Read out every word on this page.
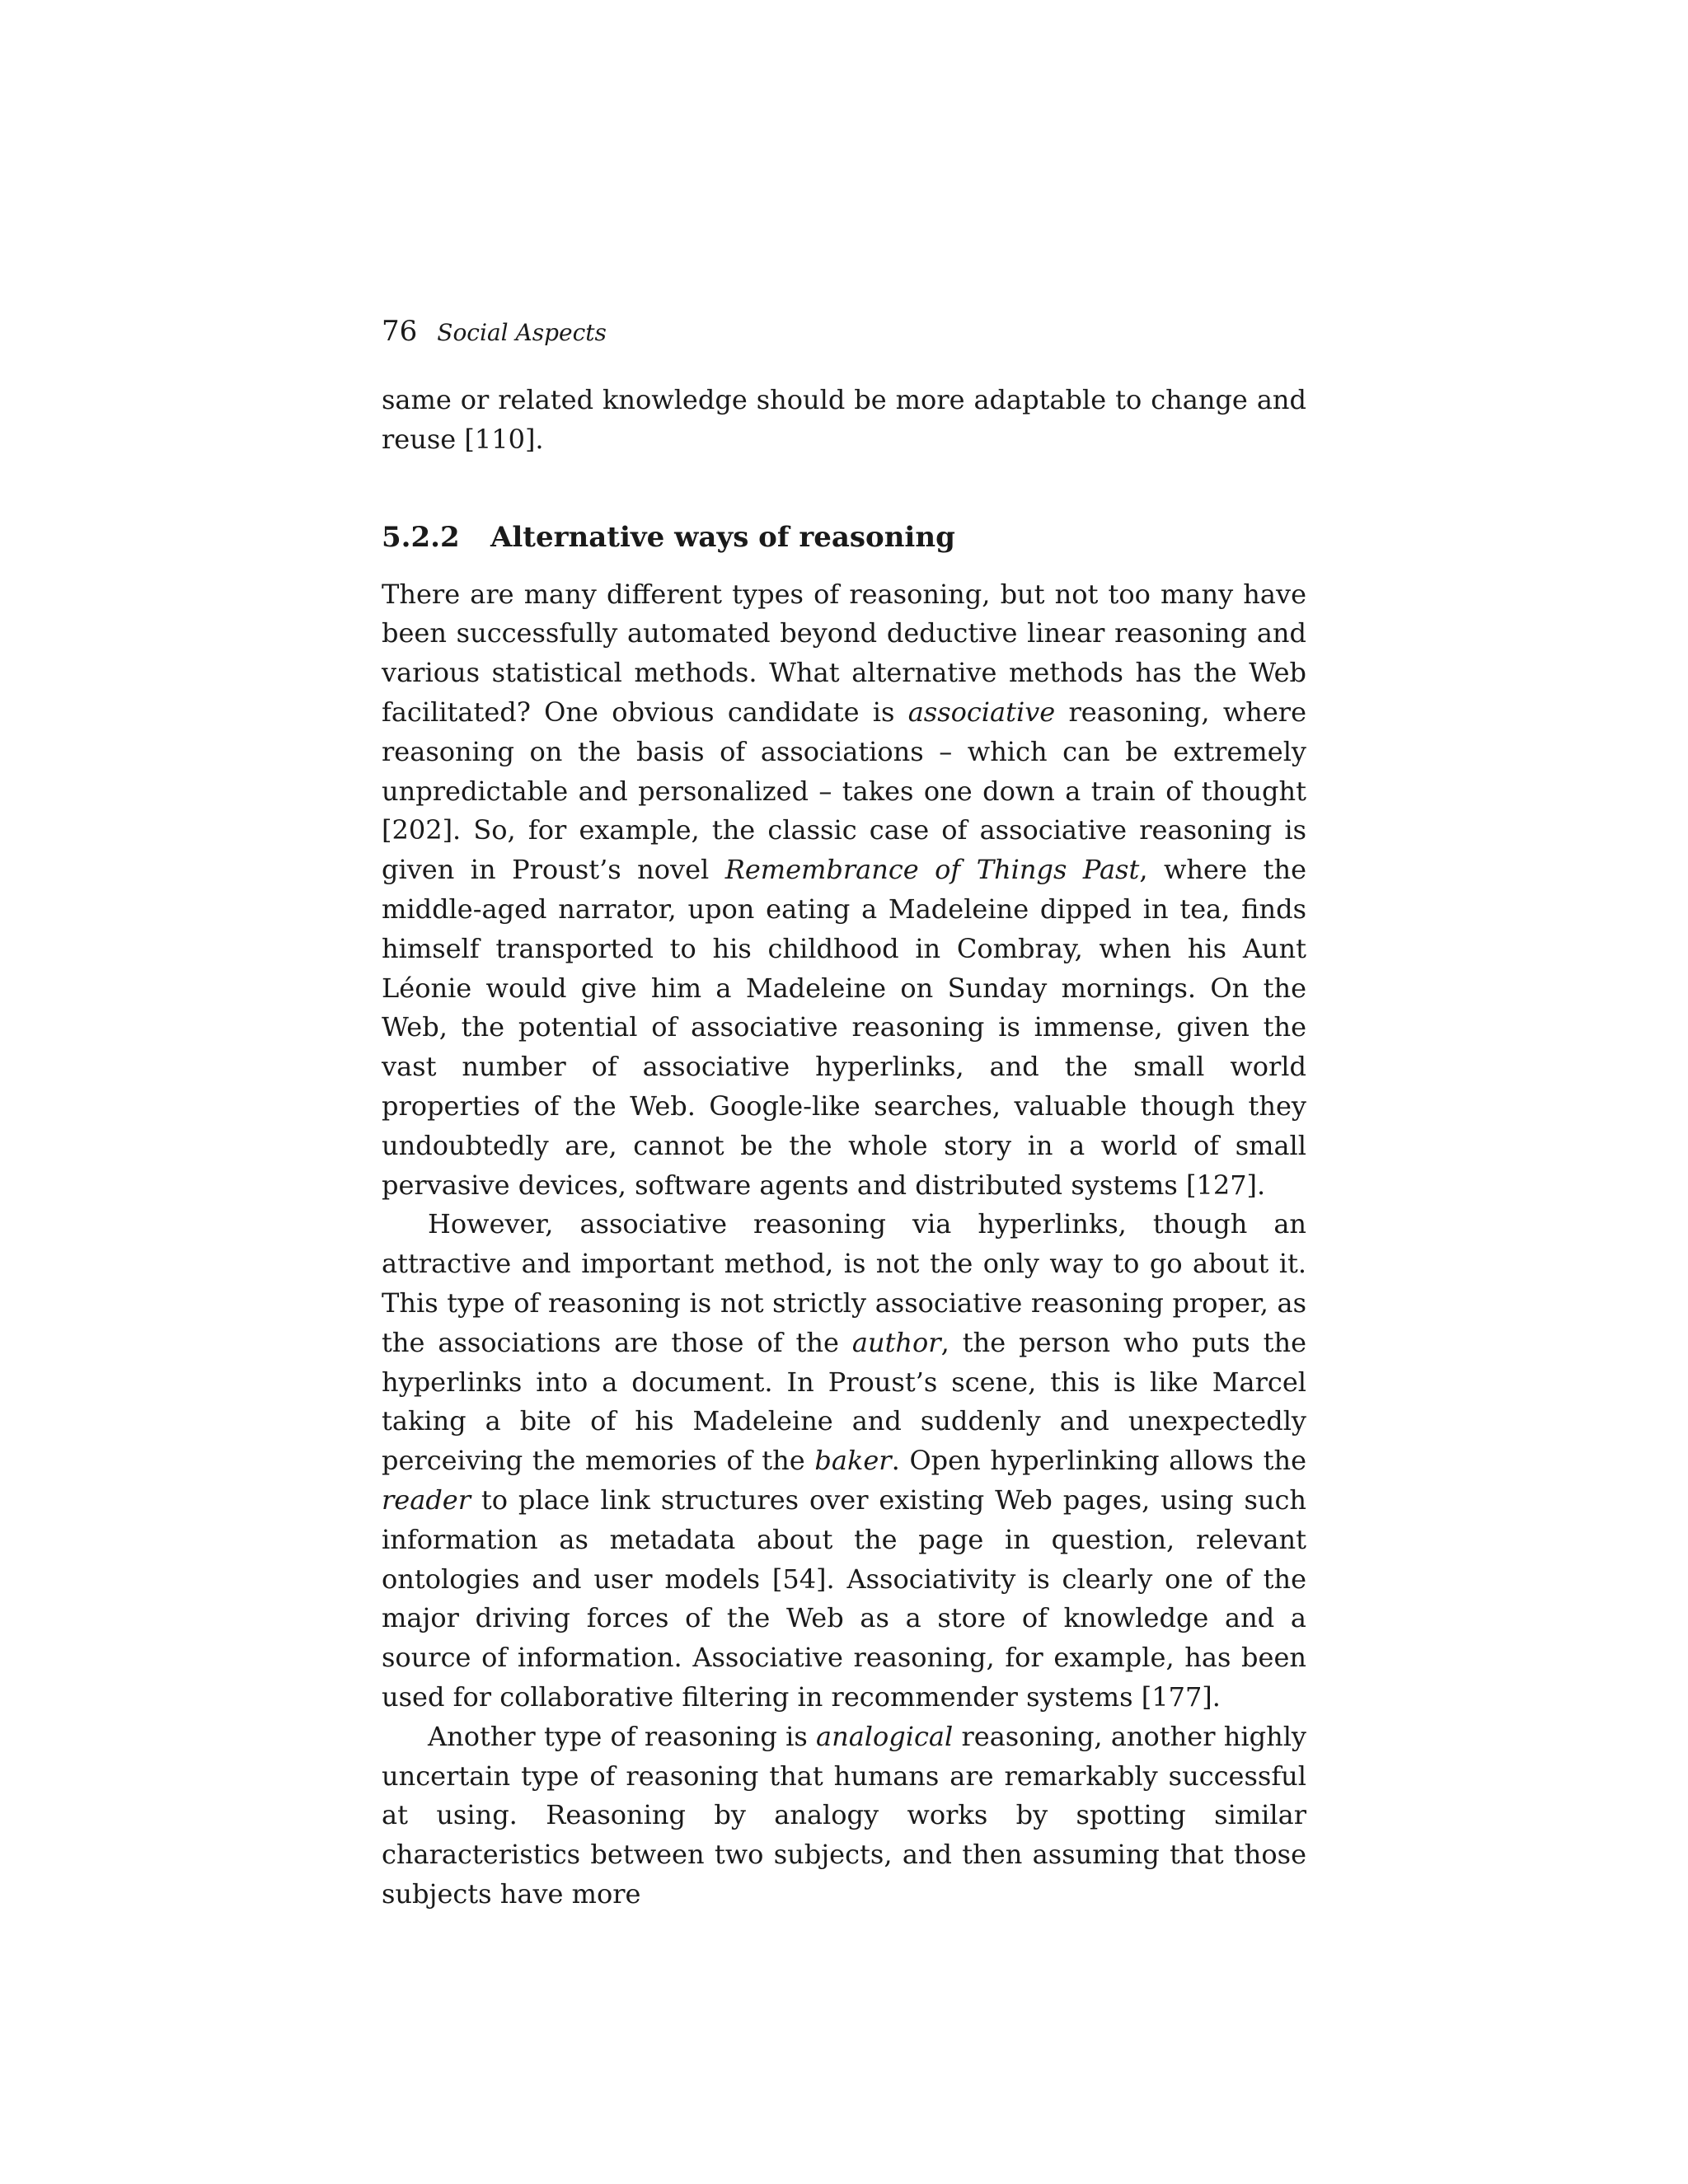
76 Social Aspects

same or related knowledge should be more adaptable to change and reuse [110].

5.2.2 Alternative ways of reasoning

There are many different types of reasoning, but not too many have been successfully automated beyond deductive linear reasoning and various statistical methods. What alternative methods has the Web facilitated? One obvious candidate is associative reasoning, where reasoning on the basis of associations – which can be extremely unpredictable and personalized – takes one down a train of thought [202]. So, for example, the classic case of associative reasoning is given in Proust’s novel Remembrance of Things Past, where the middle-aged narrator, upon eating a Madeleine dipped in tea, finds himself transported to his childhood in Combray, when his Aunt Léonie would give him a Madeleine on Sunday mornings. On the Web, the potential of associative reasoning is immense, given the vast number of associative hyperlinks, and the small world properties of the Web. Google-like searches, valuable though they undoubtedly are, cannot be the whole story in a world of small pervasive devices, software agents and distributed systems [127].

However, associative reasoning via hyperlinks, though an attractive and important method, is not the only way to go about it. This type of reasoning is not strictly associative reasoning proper, as the associations are those of the author, the person who puts the hyperlinks into a document. In Proust’s scene, this is like Marcel taking a bite of his Madeleine and suddenly and unexpectedly perceiving the memories of the baker. Open hyperlinking allows the reader to place link structures over existing Web pages, using such information as metadata about the page in question, relevant ontologies and user models [54]. Associativity is clearly one of the major driving forces of the Web as a store of knowledge and a source of information. Associative reasoning, for example, has been used for collaborative filtering in recommender systems [177].

Another type of reasoning is analogical reasoning, another highly uncertain type of reasoning that humans are remarkably successful at using. Reasoning by analogy works by spotting similar characteristics between two subjects, and then assuming that those subjects have more
